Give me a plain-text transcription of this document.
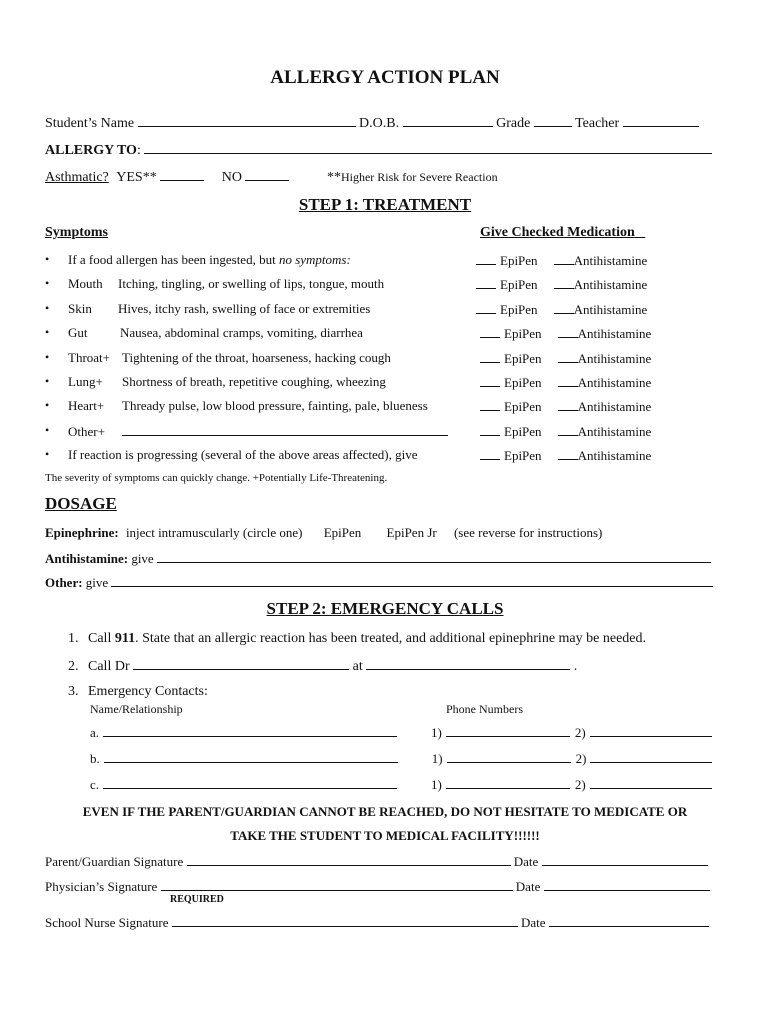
ALLERGY ACTION PLAN
Student’s Name	D.O.B.	Grade	Teacher
ALLERGY TO:
Asthmatic? YES**	NO	**Higher Risk for Severe Reaction
STEP 1: TREATMENT
Symptoms	Give Checked Medication
• If a food allergen has been ingested, but no symptoms:	EpiPen	Antihistamine
• Mouth Itching, tingling, or swelling of lips, tongue, mouth	EpiPen	Antihistamine
• Skin Hives, itchy rash, swelling of face or extremities	EpiPen	Antihistamine
• Gut	Nausea, abdominal cramps, vomiting, diarrhea	EpiPen	Antihistamine
• Throat+ Tightening of the throat, hoarseness, hacking cough	EpiPen	Antihistamine
• Lung+ Shortness of breath, repetitive coughing, wheezing	EpiPen	Antihistamine
• Heart+ Thready pulse, low blood pressure, fainting, pale, blueness	EpiPen	Antihistamine
• Other+	EpiPen	Antihistamine
• If reaction is progressing (several of the above areas affected), give	EpiPen	Antihistamine
The severity of symptoms can quickly change. +Potentially Life-Threatening.
DOSAGE
Epinephrine: inject intramuscularly (circle one) EpiPen EpiPen Jr (see reverse for instructions)
Antihistamine: give
Other: give
STEP 2: EMERGENCY CALLS
1. Call 911. State that an allergic reaction has been treated, and additional epinephrine may be needed.
2. Call Dr	at	.
3. Emergency Contacts:
Name/Relationship	Phone Numbers
a.	1)	2)
b.	1)	2)
c.	1)	2)
EVEN IF THE PARENT/GUARDIAN CANNOT BE REACHED, DO NOT HESITATE TO MEDICATE OR
TAKE THE STUDENT TO MEDICAL FACILITY!!!!!!
Parent/Guardian Signature	Date
Physician’s Signature	Date
REQUIRED
School Nurse Signature	Date
